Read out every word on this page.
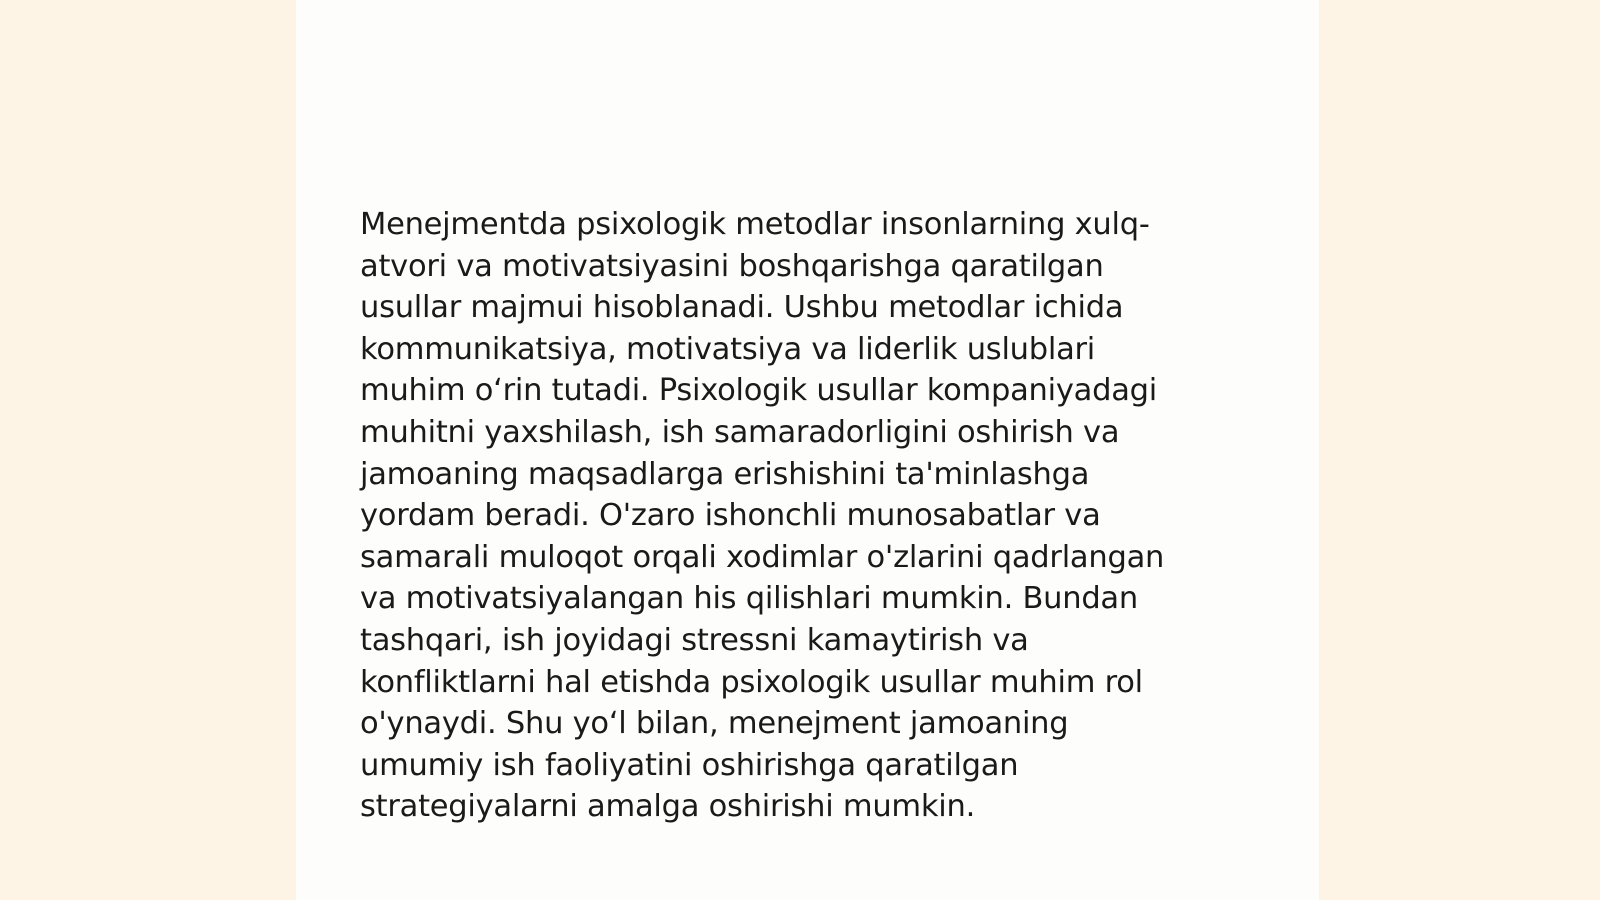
Menejmentda psixologik metodlar insonlarning xulq-
atvori va motivatsiyasini boshqarishga qaratilgan
usullar majmui hisoblanadi. Ushbu metodlar ichida
kommunikatsiya, motivatsiya va liderlik uslublari
muhim o‘rin tutadi. Psixologik usullar kompaniyadagi
muhitni yaxshilash, ish samaradorligini oshirish va
jamoaning maqsadlarga erishishini ta'minlashga
yordam beradi. O'zaro ishonchli munosabatlar va
samarali muloqot orqali xodimlar o'zlarini qadrlangan
va motivatsiyalangan his qilishlari mumkin. Bundan
tashqari, ish joyidagi stressni kamaytirish va
konfliktlarni hal etishda psixologik usullar muhim rol
o'ynaydi. Shu yo‘l bilan, menejment jamoaning
umumiy ish faoliyatini oshirishga qaratilgan
strategiyalarni amalga oshirishi mumkin.
